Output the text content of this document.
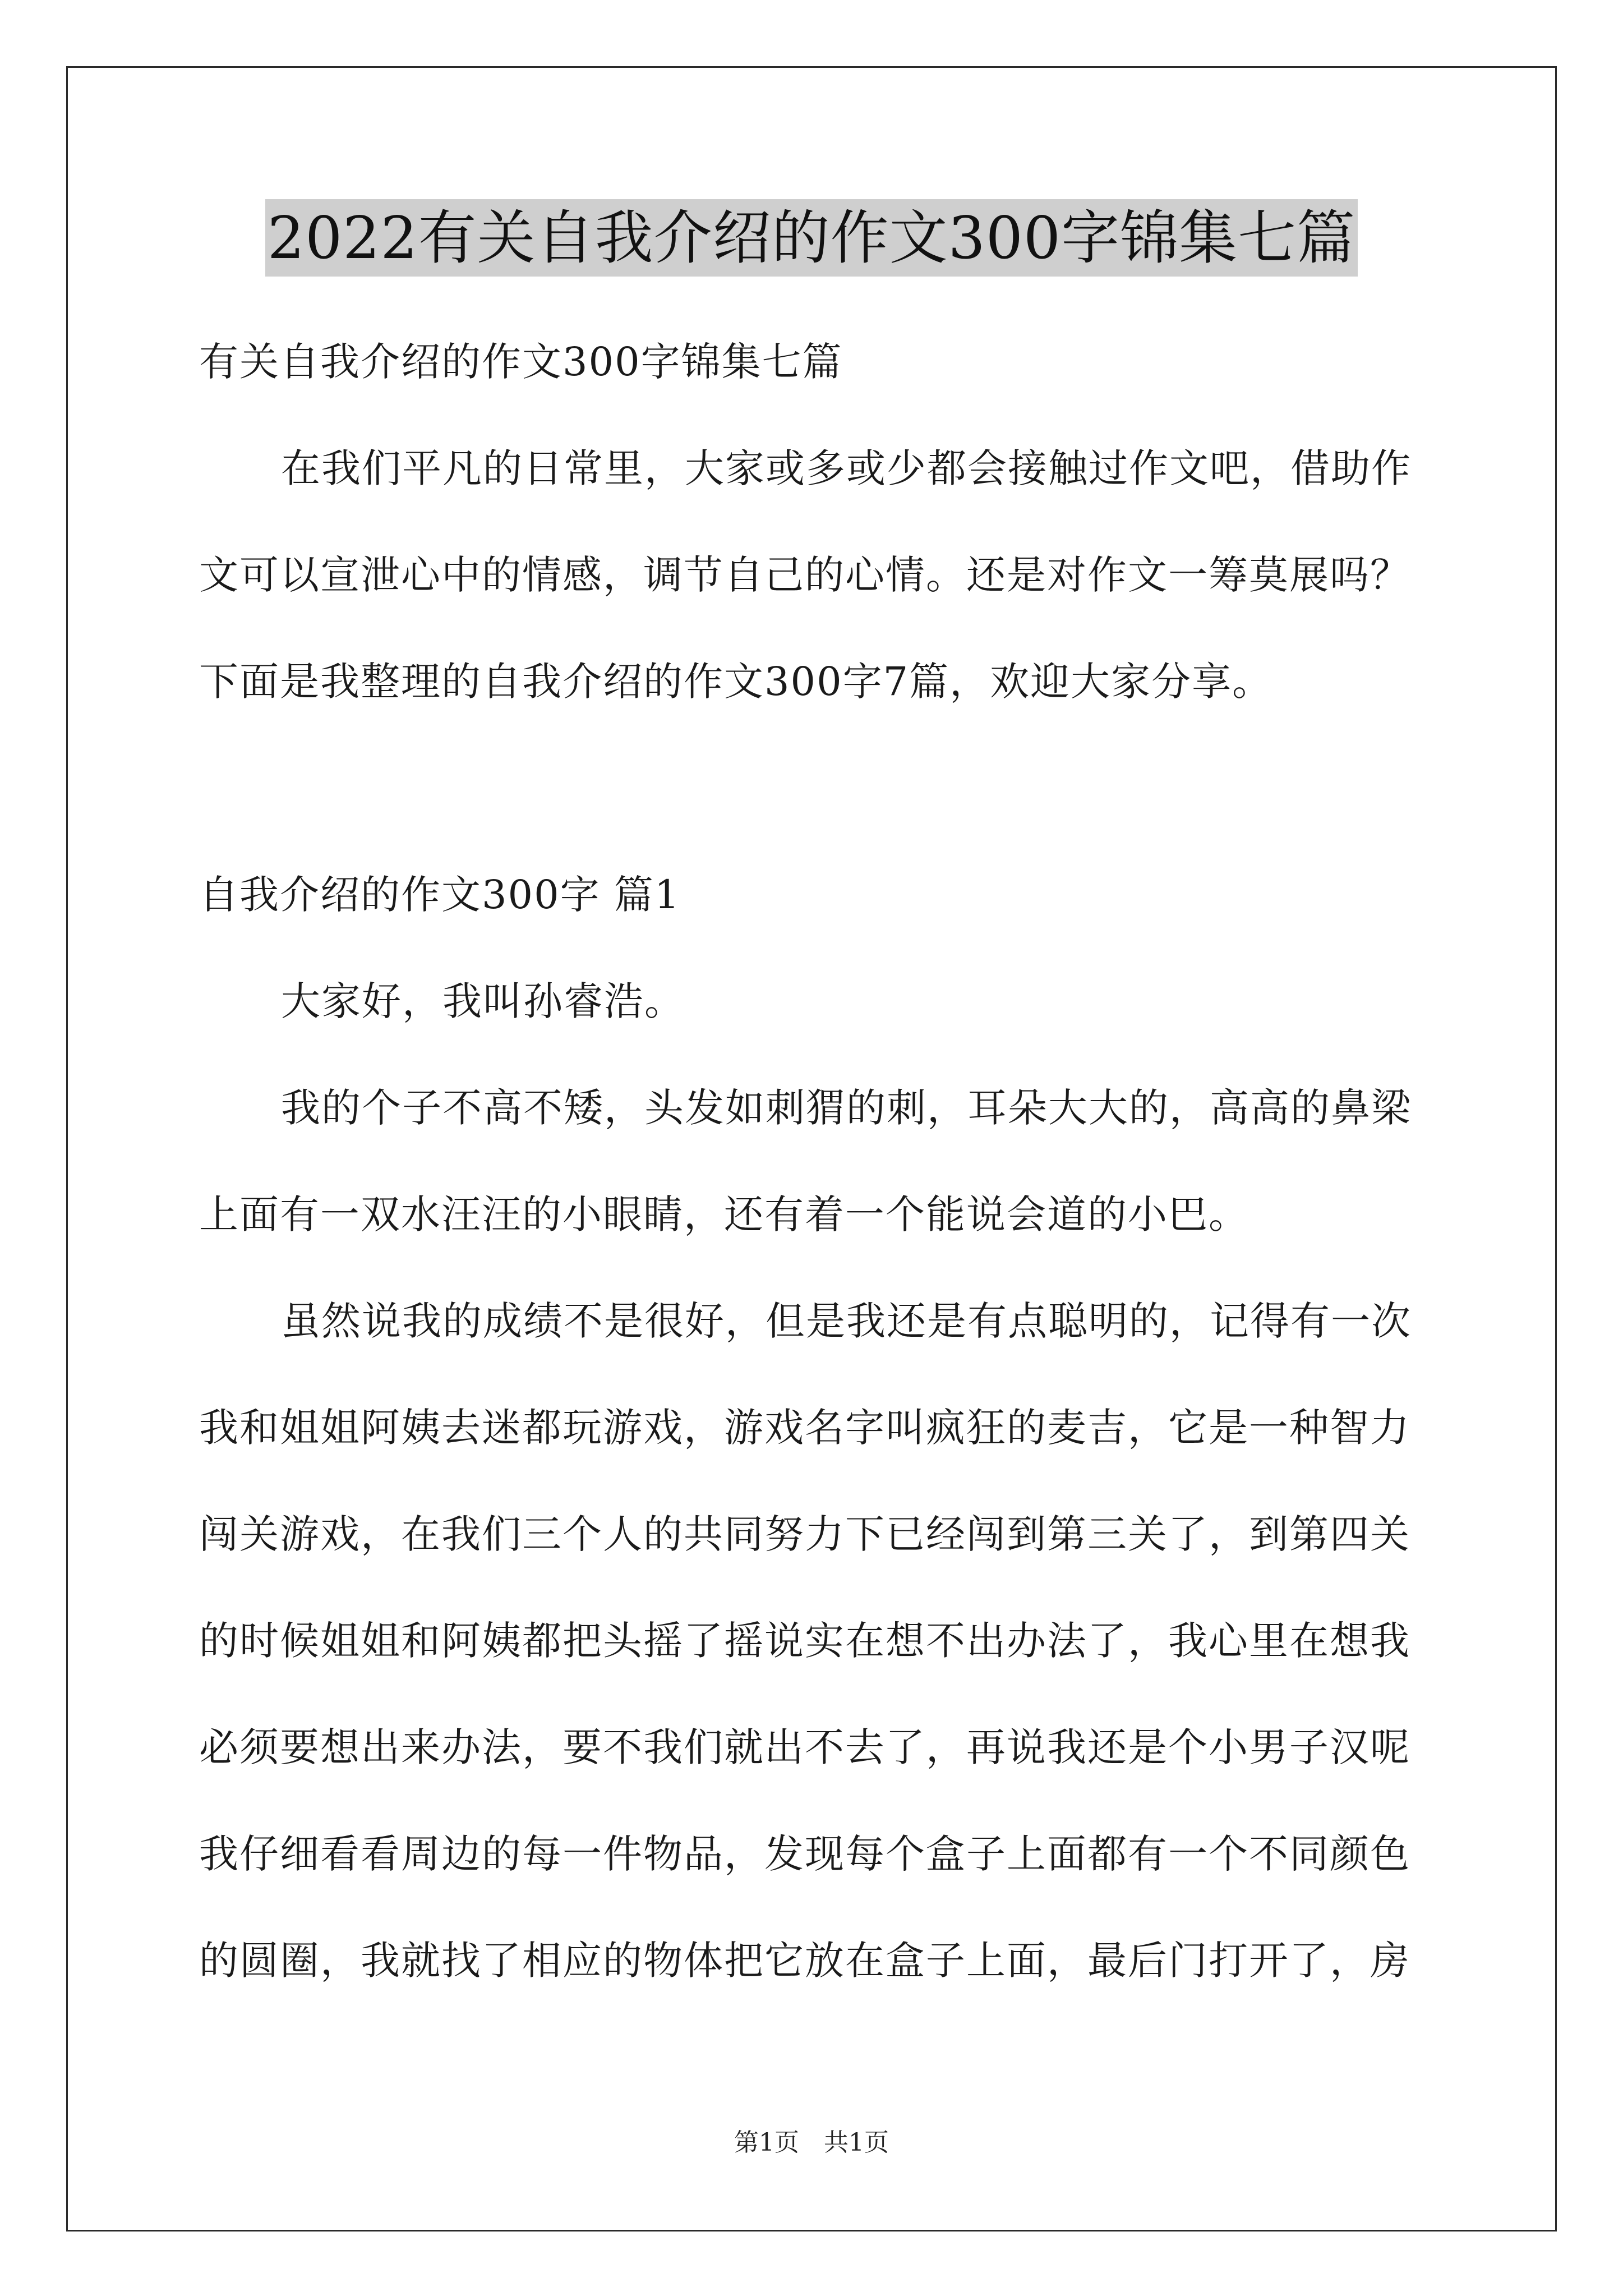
2022有关自我介绍的作文300字锦集七篇
有关自我介绍的作文300字锦集七篇
在我们平凡的日常里，大家或多或少都会接触过作文吧，借助作
文可以宣泄心中的情感，调节自己的心情。还是对作文一筹莫展吗？
下面是我整理的自我介绍的作文300字7篇，欢迎大家分享。
自我介绍的作文300字 篇1
大家好，我叫孙睿浩。
我的个子不高不矮，头发如刺猬的刺，耳朵大大的，高高的鼻梁
上面有一双水汪汪的小眼睛，还有着一个能说会道的小巴。
虽然说我的成绩不是很好，但是我还是有点聪明的，记得有一次
我和姐姐阿姨去迷都玩游戏，游戏名字叫疯狂的麦吉，它是一种智力
闯关游戏，在我们三个人的共同努力下已经闯到第三关了，到第四关
的时候姐姐和阿姨都把头摇了摇说实在想不出办法了，我心里在想我
必须要想出来办法，要不我们就出不去了，再说我还是个小男子汉呢
我仔细看看周边的每一件物品，发现每个盒子上面都有一个不同颜色
的圆圈，我就找了相应的物体把它放在盒子上面，最后门打开了，房
第1页　共1页
